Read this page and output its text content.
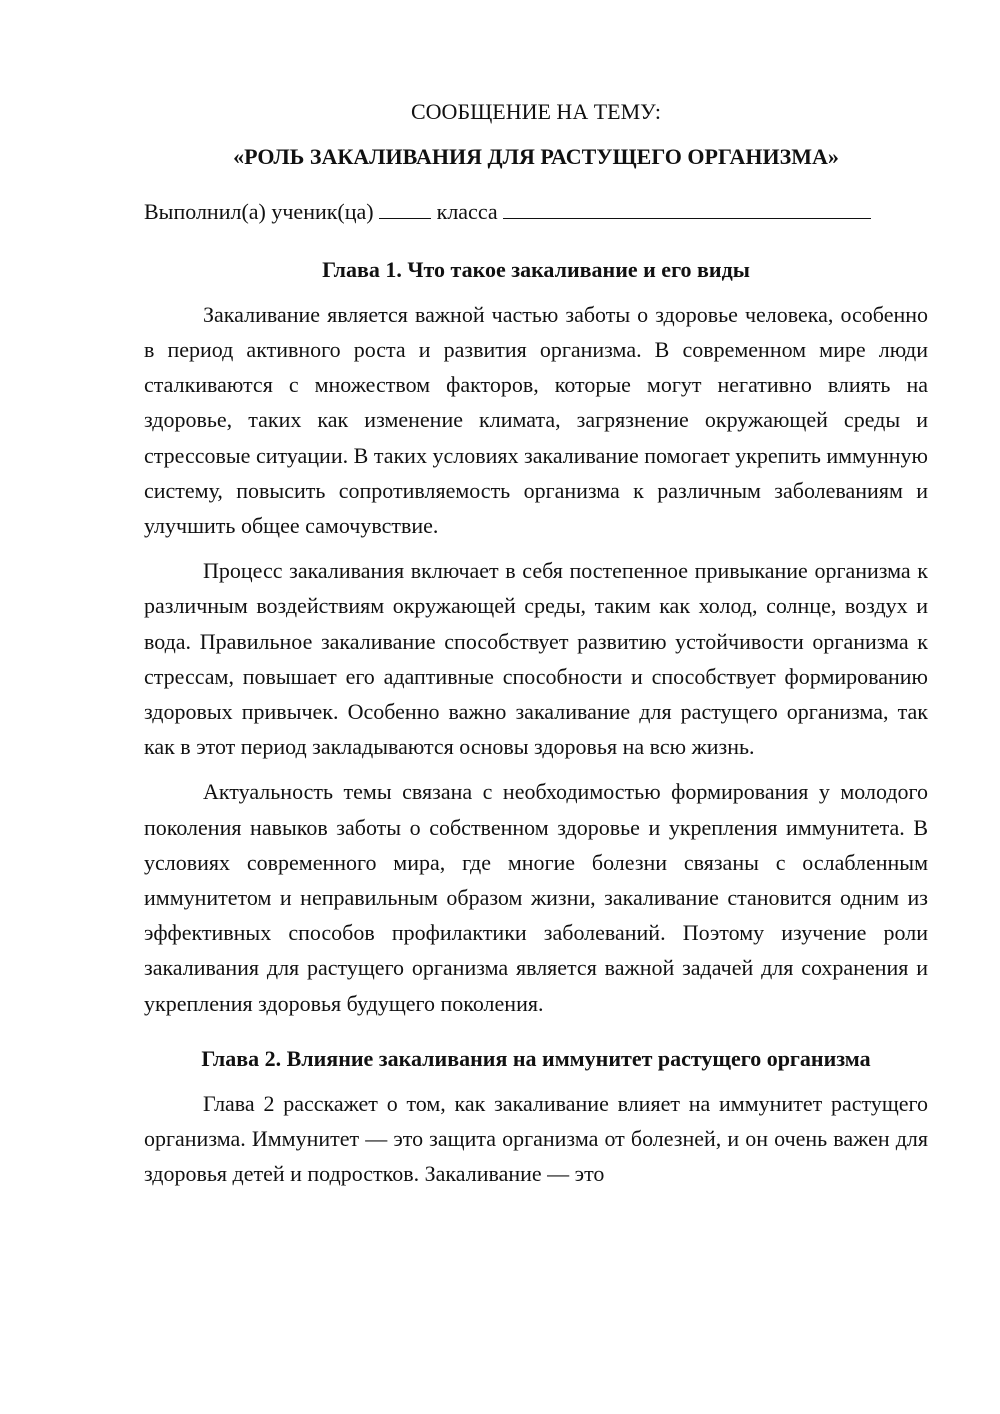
СООБЩЕНИЕ НА ТЕМУ:

«РОЛЬ ЗАКАЛИВАНИЯ ДЛЯ РАСТУЩЕГО ОРГАНИЗМА»

Выполнил(а) ученик(ца)	класса
Глава 1. Что такое закаливание и его виды

Закаливание является важной частью заботы о здоровье человека, особенно в период активного роста и развития организма. В современном мире люди сталкиваются с множеством факторов, которые могут негативно влиять на здоровье, таких как изменение климата, загрязнение окружающей среды и стрессовые ситуации. В таких условиях закаливание помогает укрепить иммунную систему, повысить сопротивляемость организма к различным заболеваниям и улучшить общее самочувствие.

Процесс закаливания включает в себя постепенное привыкание организма к различным воздействиям окружающей среды, таким как холод, солнце, воздух и вода. Правильное закаливание способствует развитию устойчивости организма к стрессам, повышает его адаптивные способности и способствует формированию здоровых привычек. Особенно важно закаливание для растущего организма, так как в этот период закладываются основы здоровья на всю жизнь.

Актуальность темы связана с необходимостью формирования у молодого поколения навыков заботы о собственном здоровье и укрепления иммунитета. В условиях современного мира, где многие болезни связаны с ослабленным иммунитетом и неправильным образом жизни, закаливание становится одним из эффективных способов профилактики заболеваний. Поэтому изучение роли закаливания для растущего организма является важной задачей для сохранения и укрепления здоровья будущего поколения.

Глава 2. Влияние закаливания на иммунитет растущего организма

Глава 2 расскажет о том, как закаливание влияет на иммунитет растущего организма. Иммунитет — это защита организма от болезней, и он очень важен для здоровья детей и подростков. Закаливание — это
